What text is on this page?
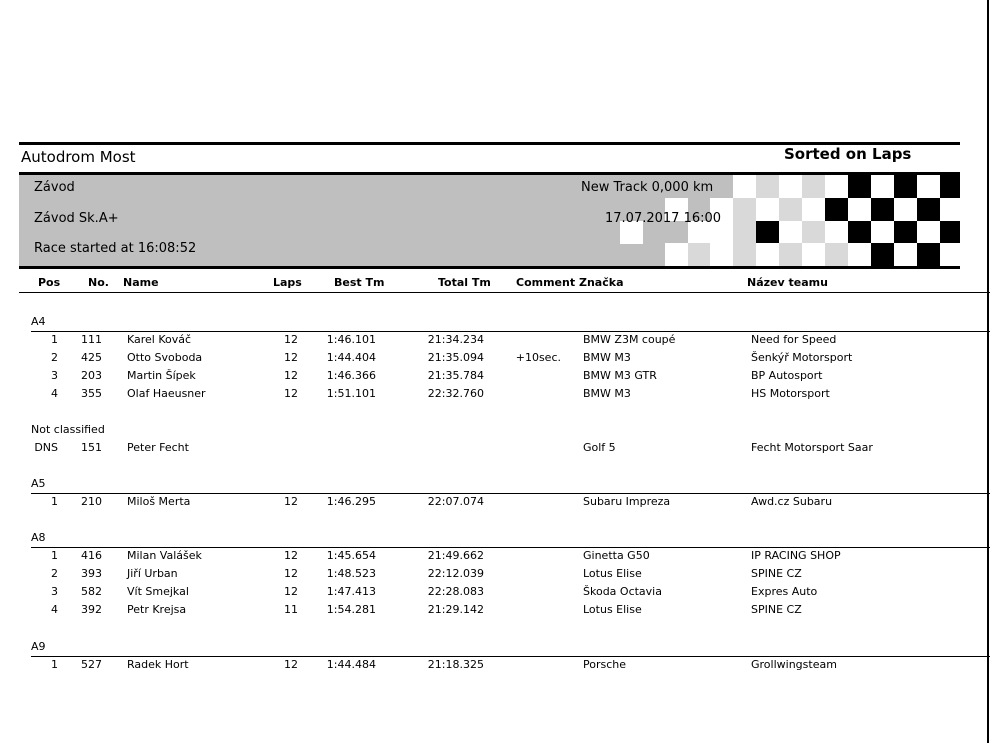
Autodrom Most	Sorted on Laps
Závod
Závod Sk.A+
Race started at 16:08:52
New Track 0,000 km
17.07.2017 16:00
Pos	No. Name	Laps	Best Tm	Total Tm Comment Značka	Název teamu
A4
1	111 Karel Kováč	12	1:46.101	21:34.234	BMW Z3M coupé	Need for Speed
2	425 Otto Svoboda	12	1:44.404	21:35.094	+10sec. BMW M3	Šenkýř Motorsport
3	203 Martin Šípek	12	1:46.366	21:35.784	BMW M3 GTR	BP Autosport
4	355 Olaf Haeusner	12	1:51.101	22:32.760	BMW M3	HS Motorsport
Not classified
DNS	151 Peter Fecht	Golf 5	Fecht Motorsport Saar
A5
1	210 Miloš Merta	12	1:46.295	22:07.074	Subaru Impreza	Awd.cz Subaru
A8
1	416 Milan Valášek	12	1:45.654	21:49.662	Ginetta G50	IP RACING SHOP
2	393 Jiří Urban	12	1:48.523	22:12.039	Lotus Elise	SPINE CZ
3	582 Vít Smejkal	12	1:47.413	22:28.083	Škoda Octavia	Expres Auto
4	392 Petr Krejsa	11	1:54.281	21:29.142	Lotus Elise	SPINE CZ
A9
1	527 Radek Hort	12	1:44.484	21:18.325	Porsche	Grollwingsteam
